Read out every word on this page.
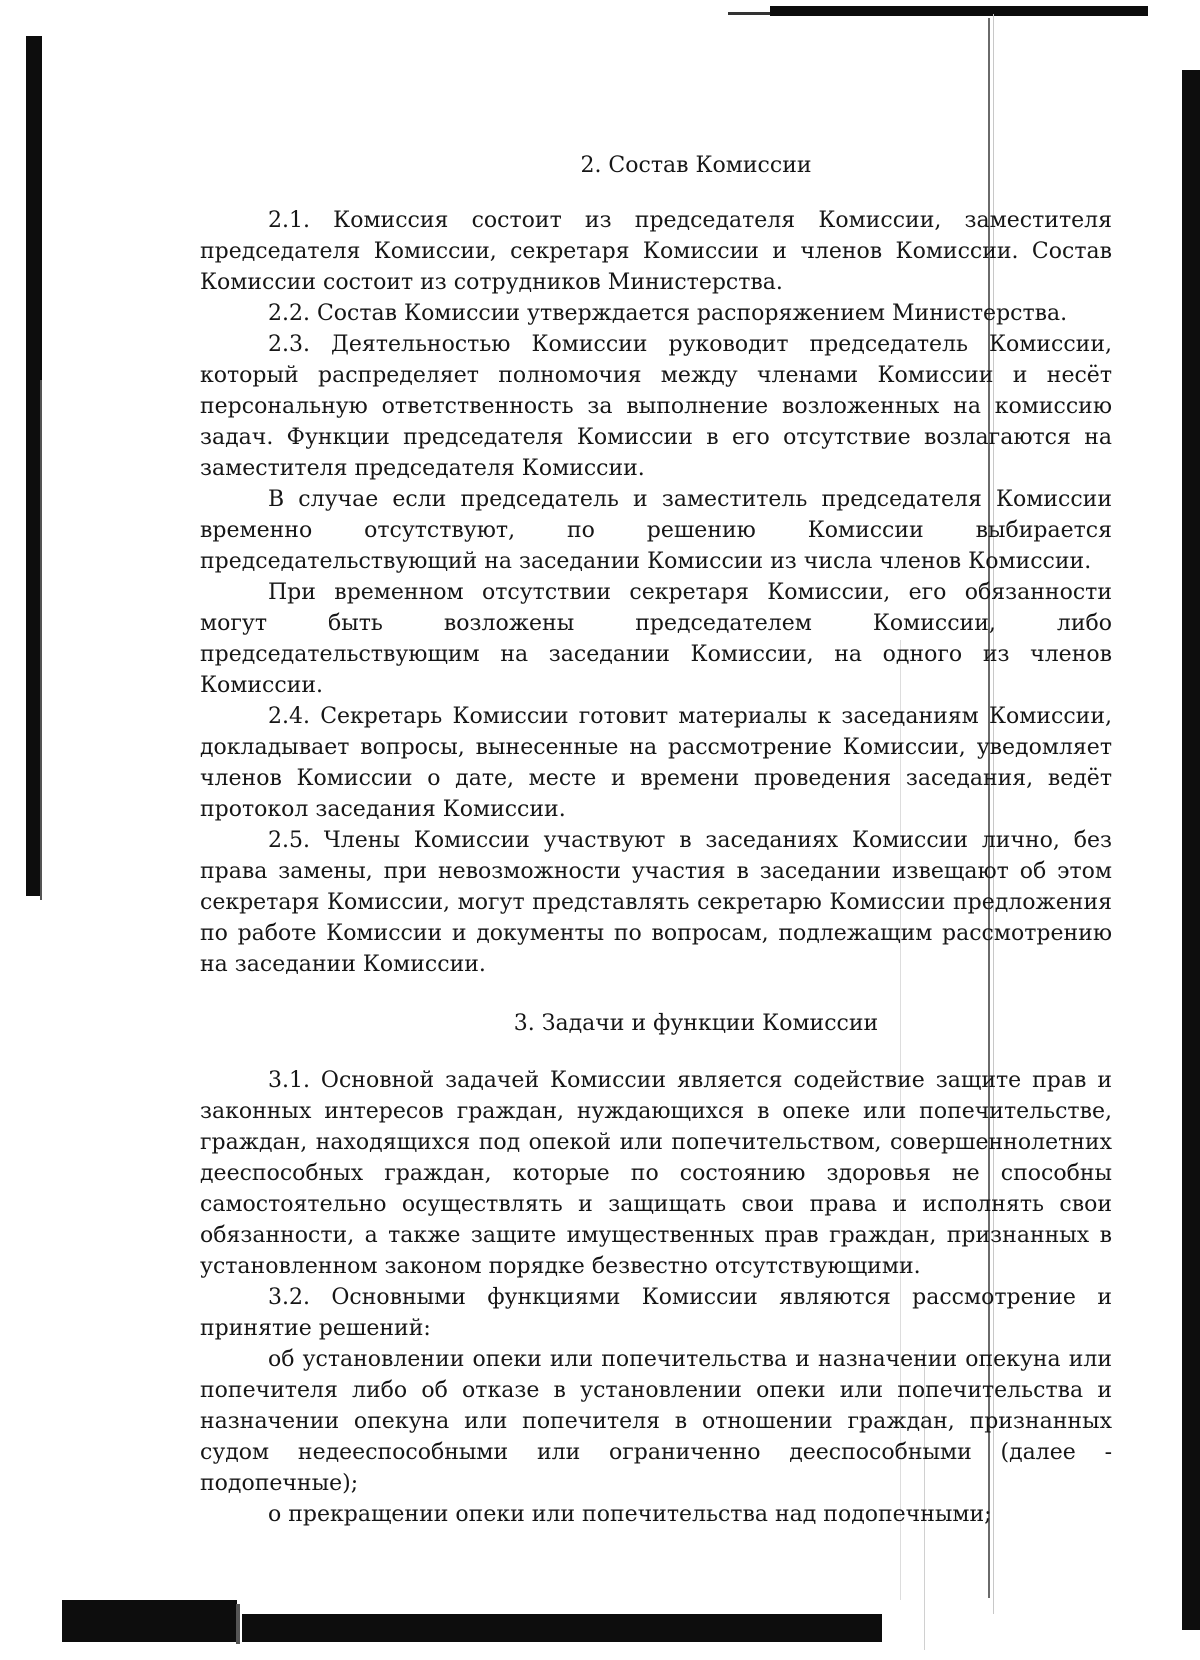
2. Состав Комиссии

2.1. Комиссия состоит из председателя Комиссии, заместителя председателя Комиссии, секретаря Комиссии и членов Комиссии. Состав Комиссии состоит из сотрудников Министерства.

2.2. Состав Комиссии утверждается распоряжением Министерства.

2.3. Деятельностью Комиссии руководит председатель Комиссии, который распределяет полномочия между членами Комиссии и несёт персональную ответственность за выполнение возложенных на комиссию задач. Функции председателя Комиссии в его отсутствие возлагаются на заместителя председателя Комиссии.

В случае если председатель и заместитель председателя Комиссии временно отсутствуют, по решению Комиссии выбирается председательствующий на заседании Комиссии из числа членов Комиссии.

При временном отсутствии секретаря Комиссии, его обязанности могут быть возложены председателем Комиссии, либо председательствующим на заседании Комиссии, на одного из членов Комиссии.

2.4. Секретарь Комиссии готовит материалы к заседаниям Комиссии, докладывает вопросы, вынесенные на рассмотрение Комиссии, уведомляет членов Комиссии о дате, месте и времени проведения заседания, ведёт протокол заседания Комиссии.

2.5. Члены Комиссии участвуют в заседаниях Комиссии лично, без права замены, при невозможности участия в заседании извещают об этом секретаря Комиссии, могут представлять секретарю Комиссии предложения по работе Комиссии и документы по вопросам, подлежащим рассмотрению на заседании Комиссии.

3. Задачи и функции Комиссии

3.1. Основной задачей Комиссии является содействие защите прав и законных интересов граждан, нуждающихся в опеке или попечительстве, граждан, находящихся под опекой или попечительством, совершеннолетних дееспособных граждан, которые по состоянию здоровья не способны самостоятельно осуществлять и защищать свои права и исполнять свои обязанности, а также защите имущественных прав граждан, признанных в установленном законом порядке безвестно отсутствующими.

3.2. Основными функциями Комиссии являются рассмотрение и принятие решений:

об установлении опеки или попечительства и назначении опекуна или попечителя либо об отказе в установлении опеки или попечительства и назначении опекуна или попечителя в отношении граждан, признанных судом недееспособными или ограниченно дееспособными (далее - подопечные);

о прекращении опеки или попечительства над подопечными;
